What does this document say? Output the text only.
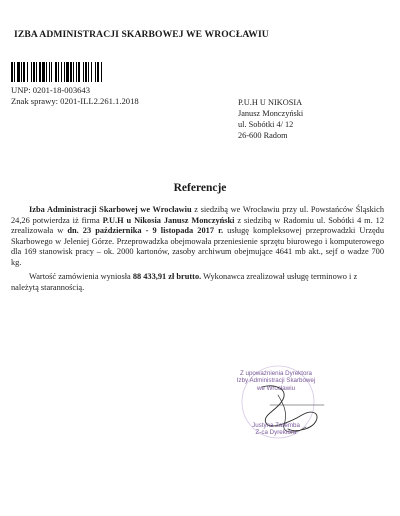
IZBA ADMINISTRACJI SKARBOWEJ WE WROCŁAWIU
UNP: 0201-18-003643
Znak sprawy: 0201-ILL2.261.1.2018	P.U.H U NIKOSIA
Janusz Monczyński
ul. Sobótki 4/ 12
26-600 Radom
Referencje
Izba Administracji Skarbowej we Wrocławiu z siedzibą we Wrocławiu przy ul. Powstańców Śląskich 24,26 potwierdza iż firma P.U.H u Nikosia Janusz Monczyński z siedzibą w Radomiu ul. Sobótki 4 m. 12 zrealizowała w dn. 23 października - 9 listopada 2017 r. usługę kompleksowej przeprowadzki Urzędu Skarbowego w Jeleniej Górze. Przeprowadzka obejmowała przeniesienie sprzętu biurowego i komputerowego dla 169 stanowisk pracy – ok. 2000 kartonów, zasoby archiwum obejmujące 4641 mb akt., sejf o wadze 700 kg.
Wartość zamówienia wyniosła 88 433,91 zł brutto. Wykonawca zrealizował usługę terminowo i z należytą starannością.
Z upoważnienia Dyrektora
Izby Administracji Skarbowej
we Wrocławiu
Justyna Zaremba
Z-ca Dyrektora
